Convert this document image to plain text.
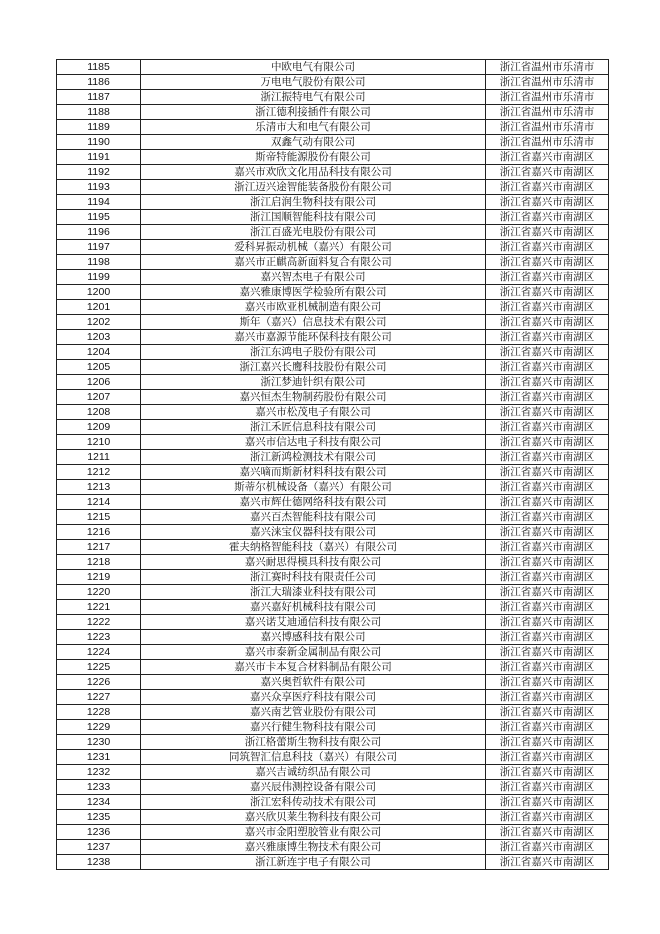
1185	中欧电气有限公司	浙江省温州市乐清市
1186	万电电气股份有限公司	浙江省温州市乐清市
1187	浙江振特电气有限公司	浙江省温州市乐清市
1188	浙江德利接插件有限公司	浙江省温州市乐清市
1189	乐清市大和电气有限公司	浙江省温州市乐清市
1190	双鑫气动有限公司	浙江省温州市乐清市
1191	斯帝特能源股份有限公司	浙江省嘉兴市南湖区
1192	嘉兴市欢欣文化用品科技有限公司	浙江省嘉兴市南湖区
1193	浙江迈兴途智能装备股份有限公司	浙江省嘉兴市南湖区
1194	浙江启润生物科技有限公司	浙江省嘉兴市南湖区
1195	浙江国顺智能科技有限公司	浙江省嘉兴市南湖区
1196	浙江百盛光电股份有限公司	浙江省嘉兴市南湖区
1197	爱科昇振动机械（嘉兴）有限公司	浙江省嘉兴市南湖区
1198	嘉兴市正麒高新面料复合有限公司	浙江省嘉兴市南湖区
1199	嘉兴智杰电子有限公司	浙江省嘉兴市南湖区
1200	嘉兴雅康博医学检验所有限公司	浙江省嘉兴市南湖区
1201	嘉兴市欧亚机械制造有限公司	浙江省嘉兴市南湖区
1202	斯年（嘉兴）信息技术有限公司	浙江省嘉兴市南湖区
1203	嘉兴市嘉源节能环保科技有限公司	浙江省嘉兴市南湖区
1204	浙江东鸿电子股份有限公司	浙江省嘉兴市南湖区
1205	浙江嘉兴长鹰科技股份有限公司	浙江省嘉兴市南湖区
1206	浙江梦迪针织有限公司	浙江省嘉兴市南湖区
1207	嘉兴恒杰生物制药股份有限公司	浙江省嘉兴市南湖区
1208	嘉兴市松茂电子有限公司	浙江省嘉兴市南湖区
1209	浙江禾匠信息科技有限公司	浙江省嘉兴市南湖区
1210	嘉兴市信达电子科技有限公司	浙江省嘉兴市南湖区
1211	浙江新鸿检测技术有限公司	浙江省嘉兴市南湖区
1212	嘉兴嘀而斯新材料科技有限公司	浙江省嘉兴市南湖区
1213	斯蒂尔机械设备（嘉兴）有限公司	浙江省嘉兴市南湖区
1214	嘉兴市辉仕德网络科技有限公司	浙江省嘉兴市南湖区
1215	嘉兴百杰智能科技有限公司	浙江省嘉兴市南湖区
1216	嘉兴涞宝仪器科技有限公司	浙江省嘉兴市南湖区
1217	霍夫纳格智能科技（嘉兴）有限公司	浙江省嘉兴市南湖区
1218	嘉兴耐思得模具科技有限公司	浙江省嘉兴市南湖区
1219	浙江赛时科技有限责任公司	浙江省嘉兴市南湖区
1220	浙江大瑞漆业科技有限公司	浙江省嘉兴市南湖区
1221	嘉兴嘉好机械科技有限公司	浙江省嘉兴市南湖区
1222	嘉兴诺艾迪通信科技有限公司	浙江省嘉兴市南湖区
1223	嘉兴博感科技有限公司	浙江省嘉兴市南湖区
1224	嘉兴市泰新金属制品有限公司	浙江省嘉兴市南湖区
1225	嘉兴市卡本复合材料制品有限公司	浙江省嘉兴市南湖区
1226	嘉兴奥哲软件有限公司	浙江省嘉兴市南湖区
1227	嘉兴众享医疗科技有限公司	浙江省嘉兴市南湖区
1228	嘉兴南艺管业股份有限公司	浙江省嘉兴市南湖区
1229	嘉兴行健生物科技有限公司	浙江省嘉兴市南湖区
1230	浙江格蕾斯生物科技有限公司	浙江省嘉兴市南湖区
1231	同筑智汇信息科技（嘉兴）有限公司	浙江省嘉兴市南湖区
1232	嘉兴吉诚纺织品有限公司	浙江省嘉兴市南湖区
1233	嘉兴辰伟测控设备有限公司	浙江省嘉兴市南湖区
1234	浙江宏科传动技术有限公司	浙江省嘉兴市南湖区
1235	嘉兴欣贝莱生物科技有限公司	浙江省嘉兴市南湖区
1236	嘉兴市金阳塑胶管业有限公司	浙江省嘉兴市南湖区
1237	嘉兴雅康博生物技术有限公司	浙江省嘉兴市南湖区
1238	浙江新连宇电子有限公司	浙江省嘉兴市南湖区
